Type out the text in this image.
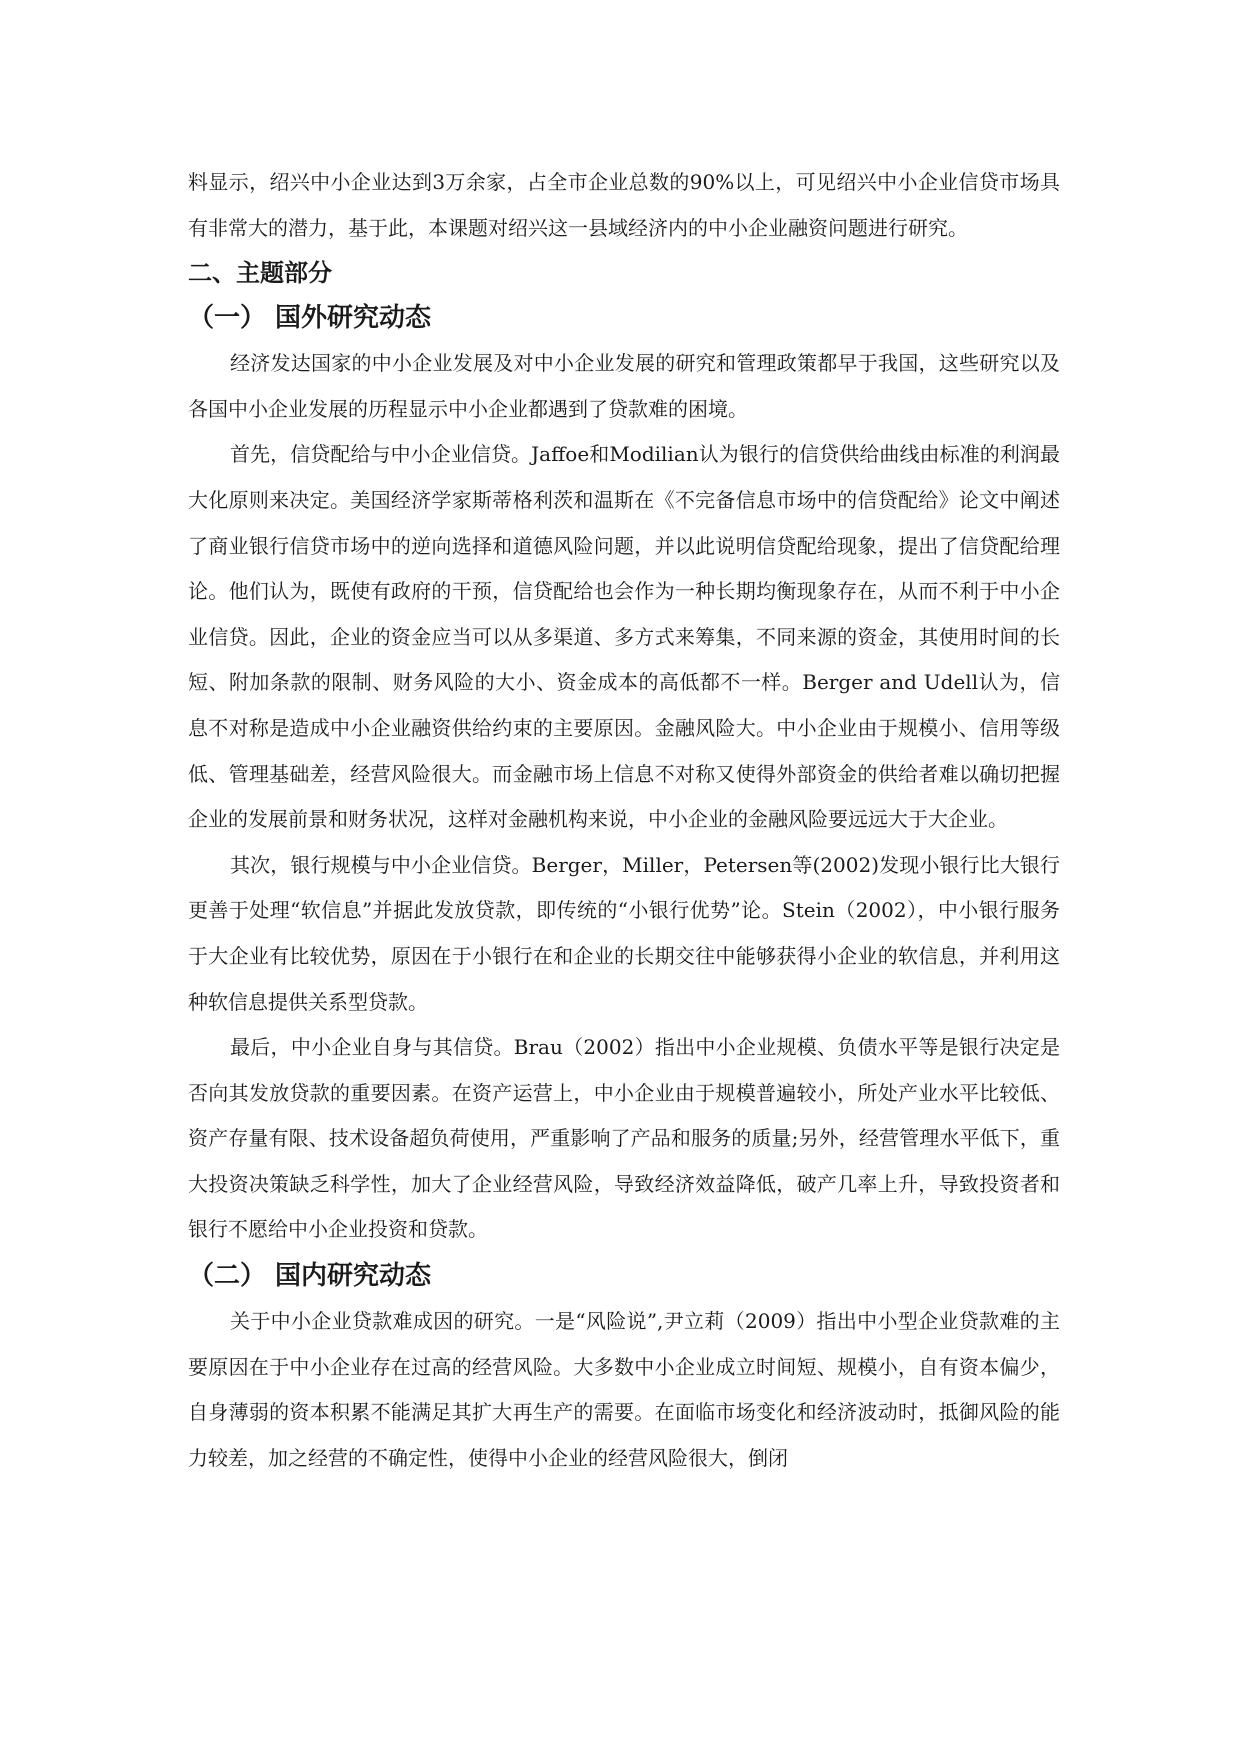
料显示，绍兴中小企业达到3万余家，占全市企业总数的90%以上，可见绍兴中小企业信贷市场具有非常大的潜力，基于此，本课题对绍兴这一县域经济内的中小企业融资问题进行研究。

二、主题部分
（一） 国外研究动态

经济发达国家的中小企业发展及对中小企业发展的研究和管理政策都早于我国，这些研究以及各国中小企业发展的历程显示中小企业都遇到了贷款难的困境。

首先，信贷配给与中小企业信贷。Jaffoe和Modilian认为银行的信贷供给曲线由标准的利润最大化原则来决定。美国经济学家斯蒂格利茨和温斯在《不完备信息市场中的信贷配给》论文中阐述了商业银行信贷市场中的逆向选择和道德风险问题，并以此说明信贷配给现象，提出了信贷配给理论。他们认为，既使有政府的干预，信贷配给也会作为一种长期均衡现象存在，从而不利于中小企业信贷。因此，企业的资金应当可以从多渠道、多方式来筹集，不同来源的资金，其使用时间的长短、附加条款的限制、财务风险的大小、资金成本的高低都不一样。Berger and Udell认为，信息不对称是造成中小企业融资供给约束的主要原因。金融风险大。中小企业由于规模小、信用等级低、管理基础差，经营风险很大。而金融市场上信息不对称又使得外部资金的供给者难以确切把握企业的发展前景和财务状况，这样对金融机构来说，中小企业的金融风险要远远大于大企业。

其次，银行规模与中小企业信贷。Berger，Miller，Petersen等(2002)发现小银行比大银行更善于处理“软信息”并据此发放贷款，即传统的“小银行优势”论。Stein（2002），中小银行服务于大企业有比较优势，原因在于小银行在和企业的长期交往中能够获得小企业的软信息，并利用这种软信息提供关系型贷款。

最后，中小企业自身与其信贷。Brau（2002）指出中小企业规模、负债水平等是银行决定是否向其发放贷款的重要因素。在资产运营上，中小企业由于规模普遍较小，所处产业水平比较低、资产存量有限、技术设备超负荷使用，严重影响了产品和服务的质量;另外，经营管理水平低下，重大投资决策缺乏科学性，加大了企业经营风险，导致经济效益降低，破产几率上升，导致投资者和银行不愿给中小企业投资和贷款。

（二） 国内研究动态

关于中小企业贷款难成因的研究。一是“风险说”,尹立莉（2009）指出中小型企业贷款难的主要原因在于中小企业存在过高的经营风险。大多数中小企业成立时间短、规模小，自有资本偏少，自身薄弱的资本积累不能满足其扩大再生产的需要。在面临市场变化和经济波动时，抵御风险的能力较差，加之经营的不确定性，使得中小企业的经营风险很大，倒闭
